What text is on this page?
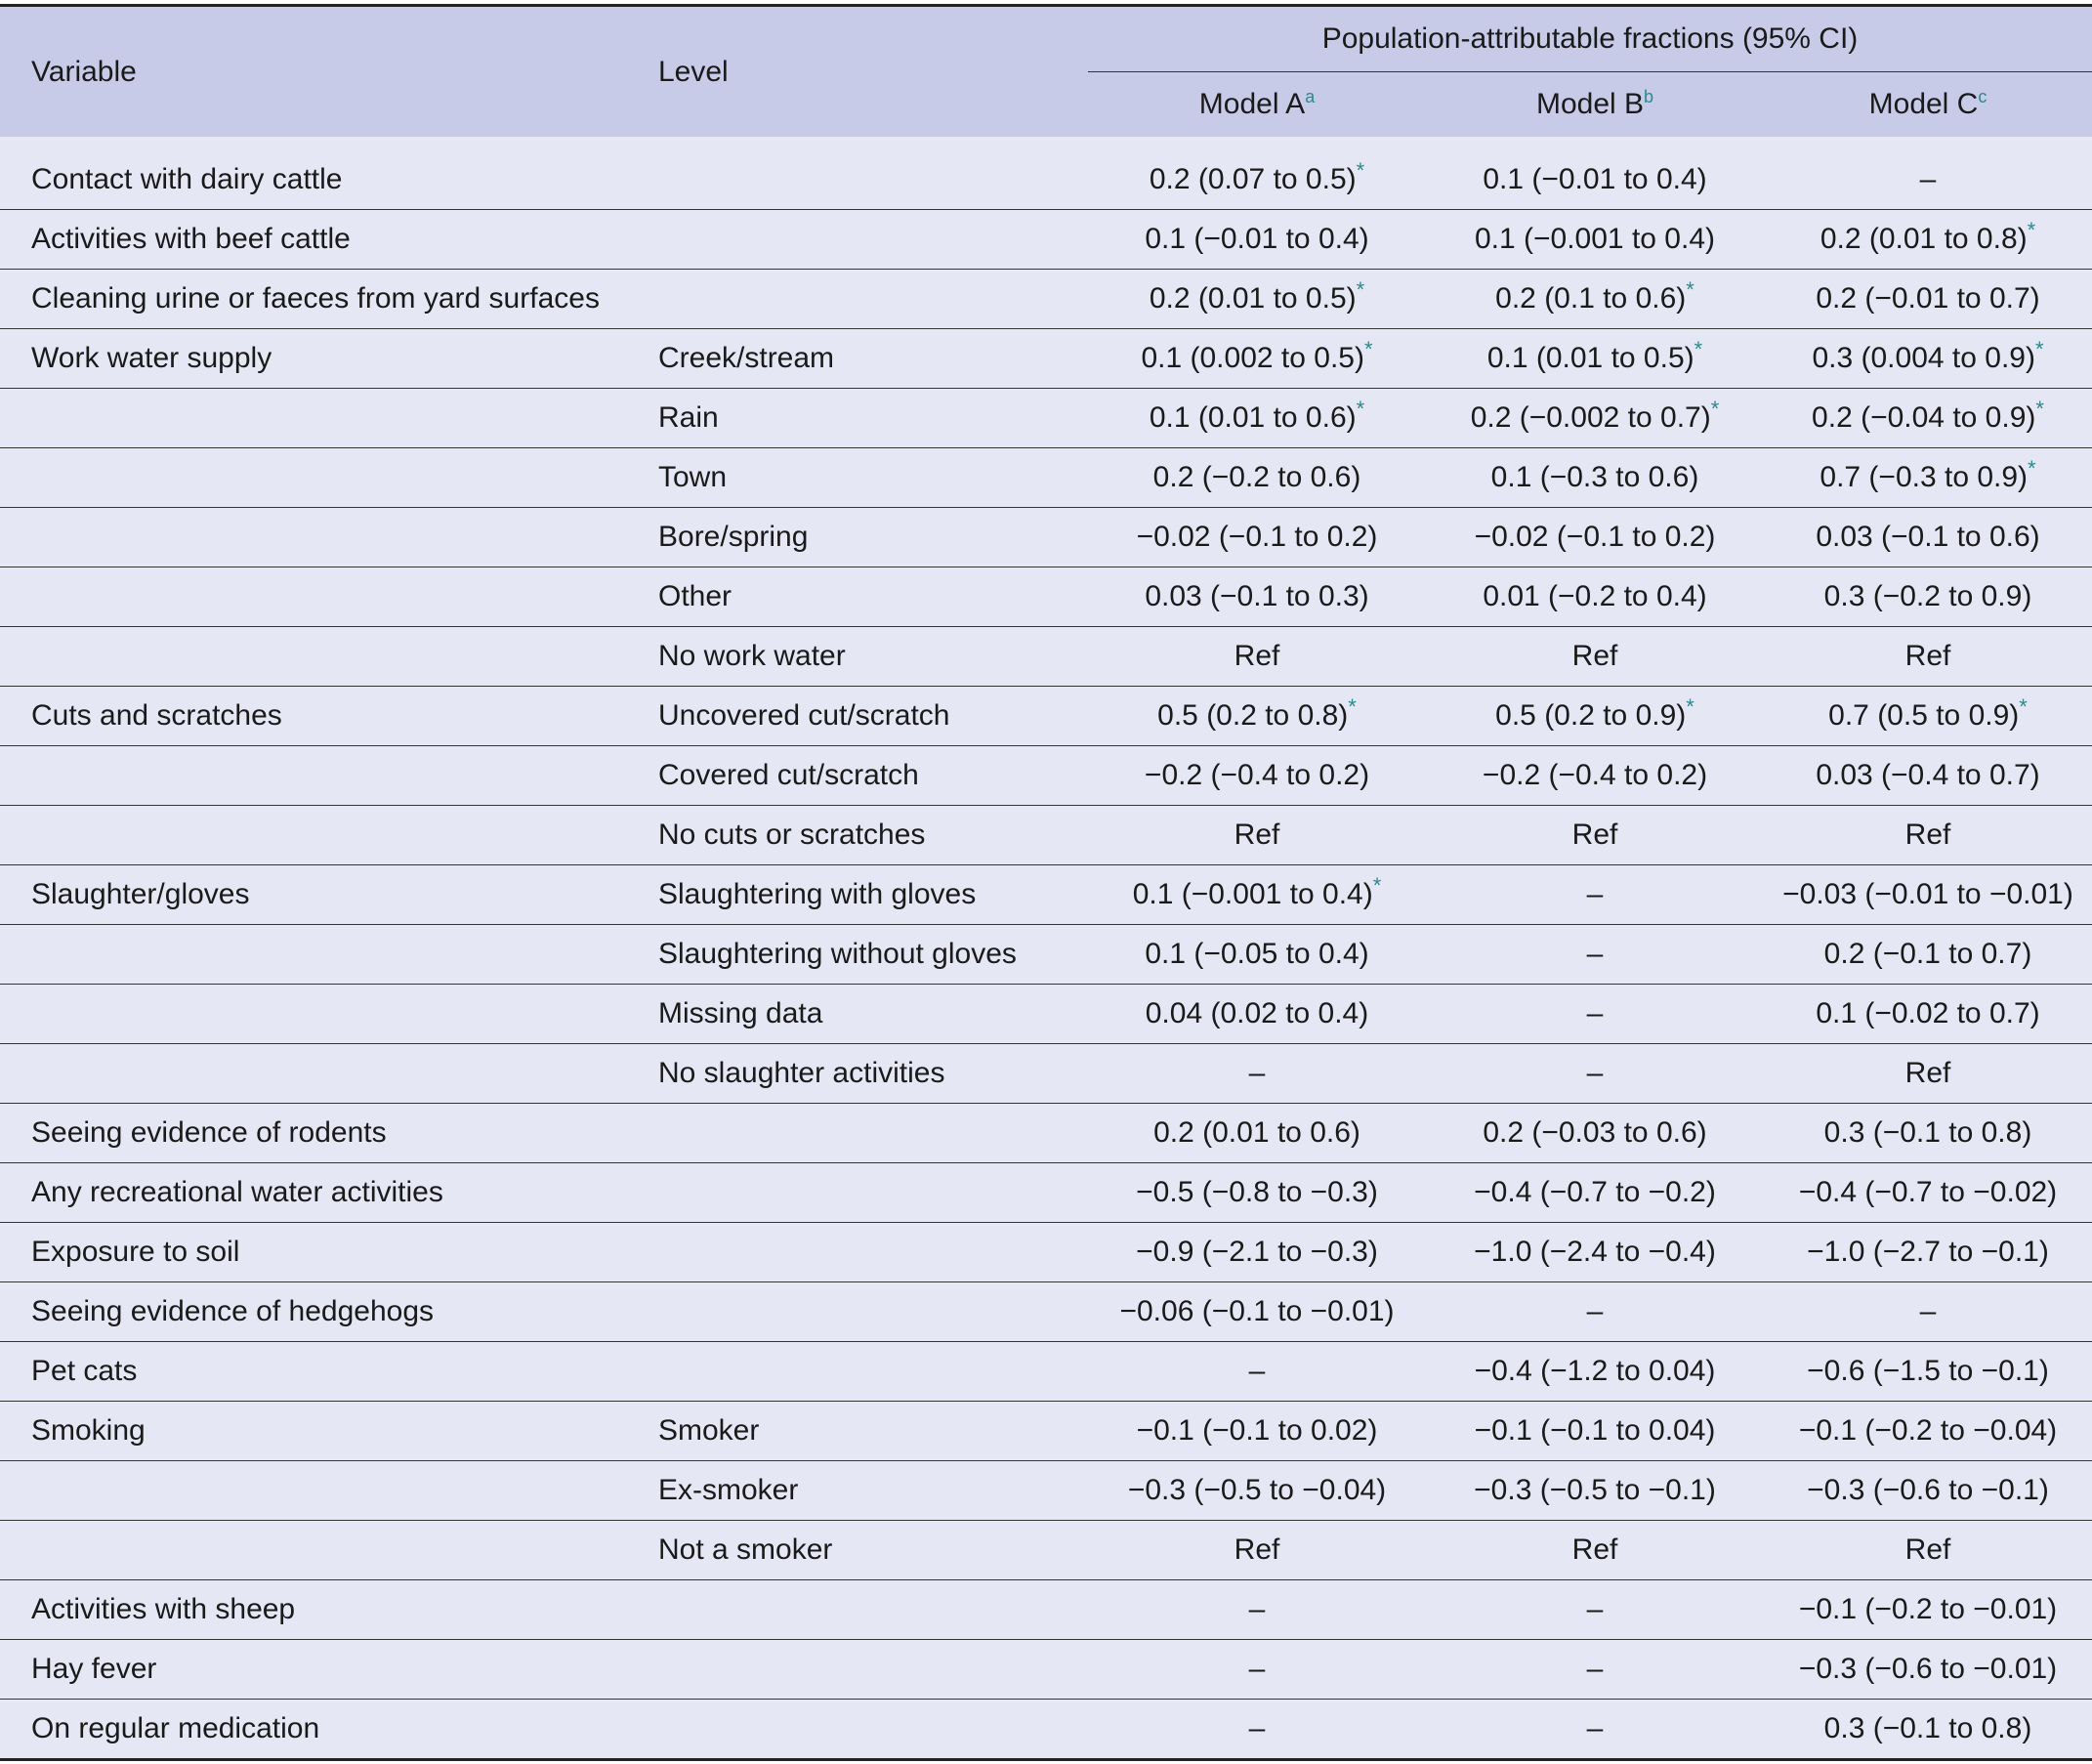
Variable	Level	Population-attributable fractions (95% CI)		
		Model $A^a$	Model $B^b$	Model $C^c$
Contact with dairy cattle		0.2 (0.07 to 0.5)*	0.1 (−0.01 to 0.4)	–
Activities with beef cattle		0.1 (−0.01 to 0.4)	0.1 (−0.001 to 0.4)	0.2 (0.01 to 0.8)*
Cleaning urine or faeces from yard surfaces		0.2 (0.01 to 0.5)*	0.2 (0.1 to 0.6)*	0.2 (−0.01 to 0.7)
Work water supply	Creek/stream	0.1 (0.002 to 0.5)*	0.1 (0.01 to 0.5)*	0.3 (0.004 to 0.9)*
	Rain	0.1 (0.01 to 0.6)*	0.2 (−0.002 to 0.7)*	0.2 (−0.04 to 0.9)*
	Town	0.2 (−0.2 to 0.6)	0.1 (−0.3 to 0.6)	0.7 (−0.3 to 0.9)*
	Bore/spring	−0.02 (−0.1 to 0.2)	−0.02 (−0.1 to 0.2)	0.03 (−0.1 to 0.6)
	Other	0.03 (−0.1 to 0.3)	0.01 (−0.2 to 0.4)	0.3 (−0.2 to 0.9)
	No work water	Ref	Ref	Ref
Cuts and scratches	Uncovered cut/scratch	0.5 (0.2 to 0.8)*	0.5 (0.2 to 0.9)*	0.7 (0.5 to 0.9)*
	Covered cut/scratch	−0.2 (−0.4 to 0.2)	−0.2 (−0.4 to 0.2)	0.03 (−0.4 to 0.7)
	No cuts or scratches	Ref	Ref	Ref
Slaughter/gloves	Slaughtering with gloves	0.1 (−0.001 to 0.4)*	–	−0.03 (−0.01 to −0.01)
	Slaughtering without gloves	0.1 (−0.05 to 0.4)	–	0.2 (−0.1 to 0.7)
	Missing data	0.04 (0.02 to 0.4)	–	0.1 (−0.02 to 0.7)
	No slaughter activities	–	–	Ref
Seeing evidence of rodents		0.2 (0.01 to 0.6)	0.2 (−0.03 to 0.6)	0.3 (−0.1 to 0.8)
Any recreational water activities		−0.5 (−0.8 to −0.3)	−0.4 (−0.7 to −0.2)	−0.4 (−0.7 to −0.02)
Exposure to soil		−0.9 (−2.1 to −0.3)	−1.0 (−2.4 to −0.4)	−1.0 (−2.7 to −0.1)
Seeing evidence of hedgehogs		−0.06 (−0.1 to −0.01)	–	–
Pet cats		–	−0.4 (−1.2 to 0.04)	−0.6 (−1.5 to −0.1)
Smoking	Smoker	−0.1 (−0.1 to 0.02)	−0.1 (−0.1 to 0.04)	−0.1 (−0.2 to −0.04)
	Ex-smoker	−0.3 (−0.5 to −0.04)	−0.3 (−0.5 to −0.1)	−0.3 (−0.6 to −0.1)
	Not a smoker	Ref	Ref	Ref
Activities with sheep		–	–	−0.1 (−0.2 to −0.01)
Hay fever		–	–	−0.3 (−0.6 to −0.01)
On regular medication		–	–	0.3 (−0.1 to 0.8)
